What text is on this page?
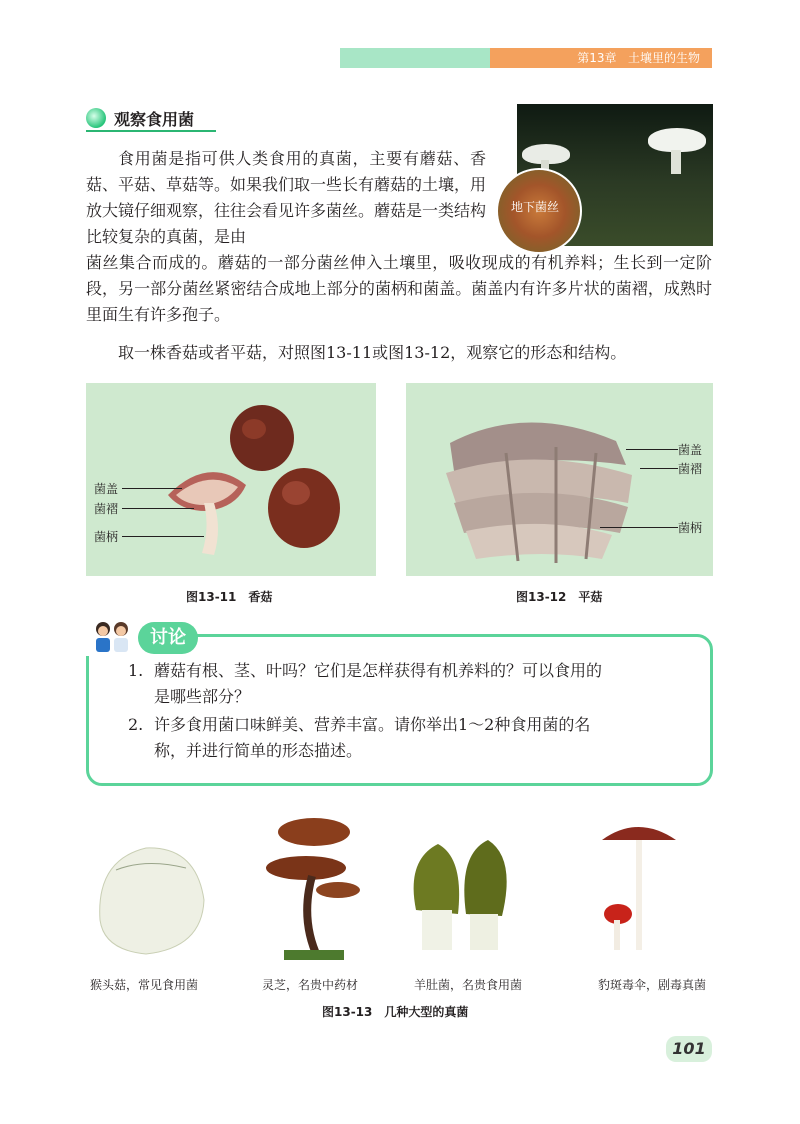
第13章 土壤里的生物
观察食用菌
地下菌丝

食用菌是指可供人类食用的真菌，主要有蘑菇、香菇、平菇、草菇等。如果我们取一些长有蘑菇的土壤，用放大镜仔细观察，往往会看见许多菌丝。蘑菇是一类结构比较复杂的真菌，是由

菌丝集合而成的。蘑菇的一部分菌丝伸入土壤里，吸收现成的有机养料；生长到一定阶段，另一部分菌丝紧密结合成地上部分的菌柄和菌盖。菌盖内有许多片状的菌褶，成熟时里面生有许多孢子。

取一株香菇或者平菇，对照图13-11或图13-12，观察它的形态和结构。

菌盖
菌褶
菌柄
图13-11　香菇
菌盖
菌褶
菌柄
图13-12　平菇
讨论
1. 蘑菇有根、茎、叶吗？它们是怎样获得有机养料的？可以食用的
是哪些部分？
2. 许多食用菌口味鲜美、营养丰富。请你举出1～2种食用菌的名
称，并进行简单的形态描述。
猴头菇，常见食用菌	灵芝，名贵中药材	羊肚菌，名贵食用菌	豹斑毒伞，剧毒真菌
图13-13　几种大型的真菌
101
